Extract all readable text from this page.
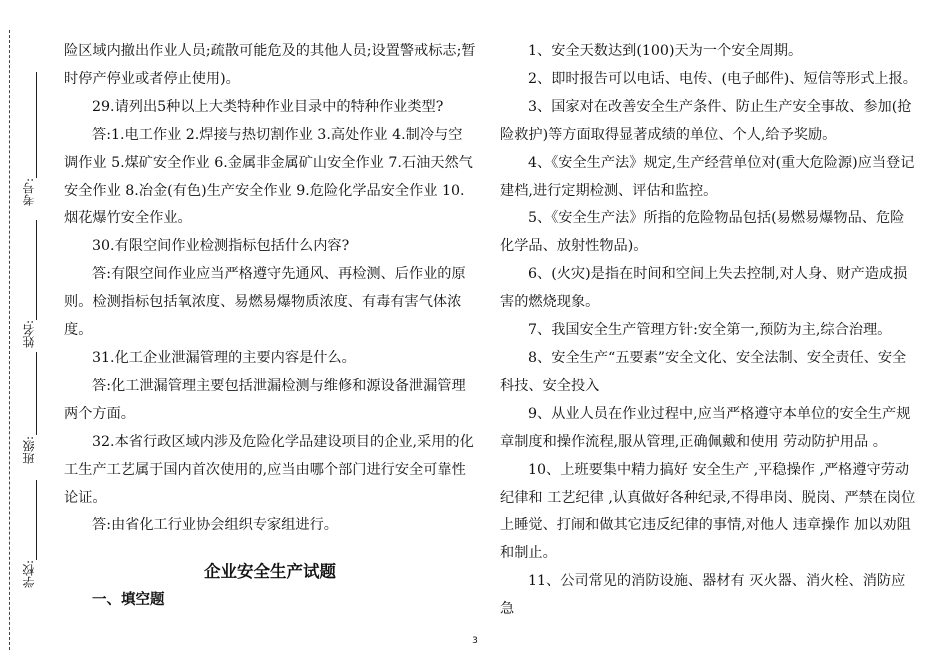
考号:
姓名:
班级:
学校:

险区域内撤出作业人员;疏散可能危及的其他人员;设置警戒标志;暂时停产停业或者停止使用)。

29.请列出5种以上大类特种作业目录中的特种作业类型?

答:1.电工作业 2.焊接与热切割作业 3.高处作业 4.制冷与空调作业 5.煤矿安全作业 6.金属非金属矿山安全作业 7.石油天然气安全作业 8.冶金(有色)生产安全作业 9.危险化学品安全作业 10.烟花爆竹安全作业。

30.有限空间作业检测指标包括什么内容?

答:有限空间作业应当严格遵守先通风、再检测、后作业的原则。检测指标包括氧浓度、易燃易爆物质浓度、有毒有害气体浓度。

31.化工企业泄漏管理的主要内容是什么。

答:化工泄漏管理主要包括泄漏检测与维修和源设备泄漏管理两个方面。

32.本省行政区域内涉及危险化学品建设项目的企业,采用的化工生产工艺属于国内首次使用的,应当由哪个部门进行安全可靠性论证。

答:由省化工行业协会组织专家组进行。

企业安全生产试题

一、填空题

1、安全天数达到(100)天为一个安全周期。

2、即时报告可以电话、电传、(电子邮件)、短信等形式上报。

3、国家对在改善安全生产条件、防止生产安全事故、参加(抢险救护)等方面取得显著成绩的单位、个人,给予奖励。

4、《安全生产法》规定,生产经营单位对(重大危险源)应当登记建档,进行定期检测、评估和监控。

5、《安全生产法》所指的危险物品包括(易燃易爆物品、危险化学品、放射性物品)。

6、(火灾)是指在时间和空间上失去控制,对人身、财产造成损害的燃烧现象。

7、我国安全生产管理方针:安全第一,预防为主,综合治理。

8、安全生产“五要素”安全文化、安全法制、安全责任、安全科技、安全投入

9、从业人员在作业过程中,应当严格遵守本单位的安全生产规章制度和操作流程,服从管理,正确佩戴和使用 劳动防护用品 。

10、上班要集中精力搞好 安全生产 ,平稳操作 ,严格遵守劳动纪律和 工艺纪律 ,认真做好各种纪录,不得串岗、脱岗、严禁在岗位上睡觉、打闹和做其它违反纪律的事情,对他人 违章操作 加以劝阻和制止。

11、公司常见的消防设施、器材有 灭火器、消火栓、消防应急

3
